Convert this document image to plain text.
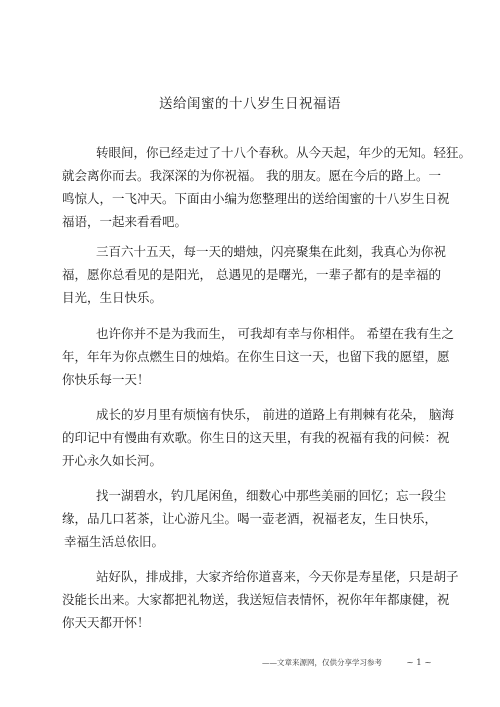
送给闺蜜的十八岁生日祝福语
转眼间，你已经走过了十八个春秋。从今天起，年少的无知。轻狂。
就会离你而去。我深深的为你祝福。 我的朋友。愿在今后的路上。一
鸣惊人，一飞冲天。下面由小编为您整理出的送给闺蜜的十八岁生日祝
福语，一起来看看吧。
三百六十五天，每一天的蜡烛，闪亮聚集在此刻，我真心为你祝
福，愿你总看见的是阳光， 总遇见的是曙光，一辈子都有的是幸福的
目光，生日快乐。
也许你并不是为我而生， 可我却有幸与你相伴。 希望在我有生之
年，年年为你点燃生日的烛焰。在你生日这一天，也留下我的愿望，愿
你快乐每一天！
成长的岁月里有烦恼有快乐， 前进的道路上有荆棘有花朵， 脑海
的印记中有慢曲有欢歌。你生日的这天里，有我的祝福有我的问候：祝
开心永久如长河。
找一湖碧水，钓几尾闲鱼，细数心中那些美丽的回忆；忘一段尘
缘，品几口茗茶，让心游凡尘。喝一壶老酒，祝福老友，生日快乐，
幸福生活总依旧。
站好队，排成排，大家齐给你道喜来，今天你是寿星佬，只是胡子
没能长出来。大家都把礼物送，我送短信表情怀，祝你年年都康健，祝
你天天都开怀！
——文章来源网，仅供分享学习参考	~ 1 ~
